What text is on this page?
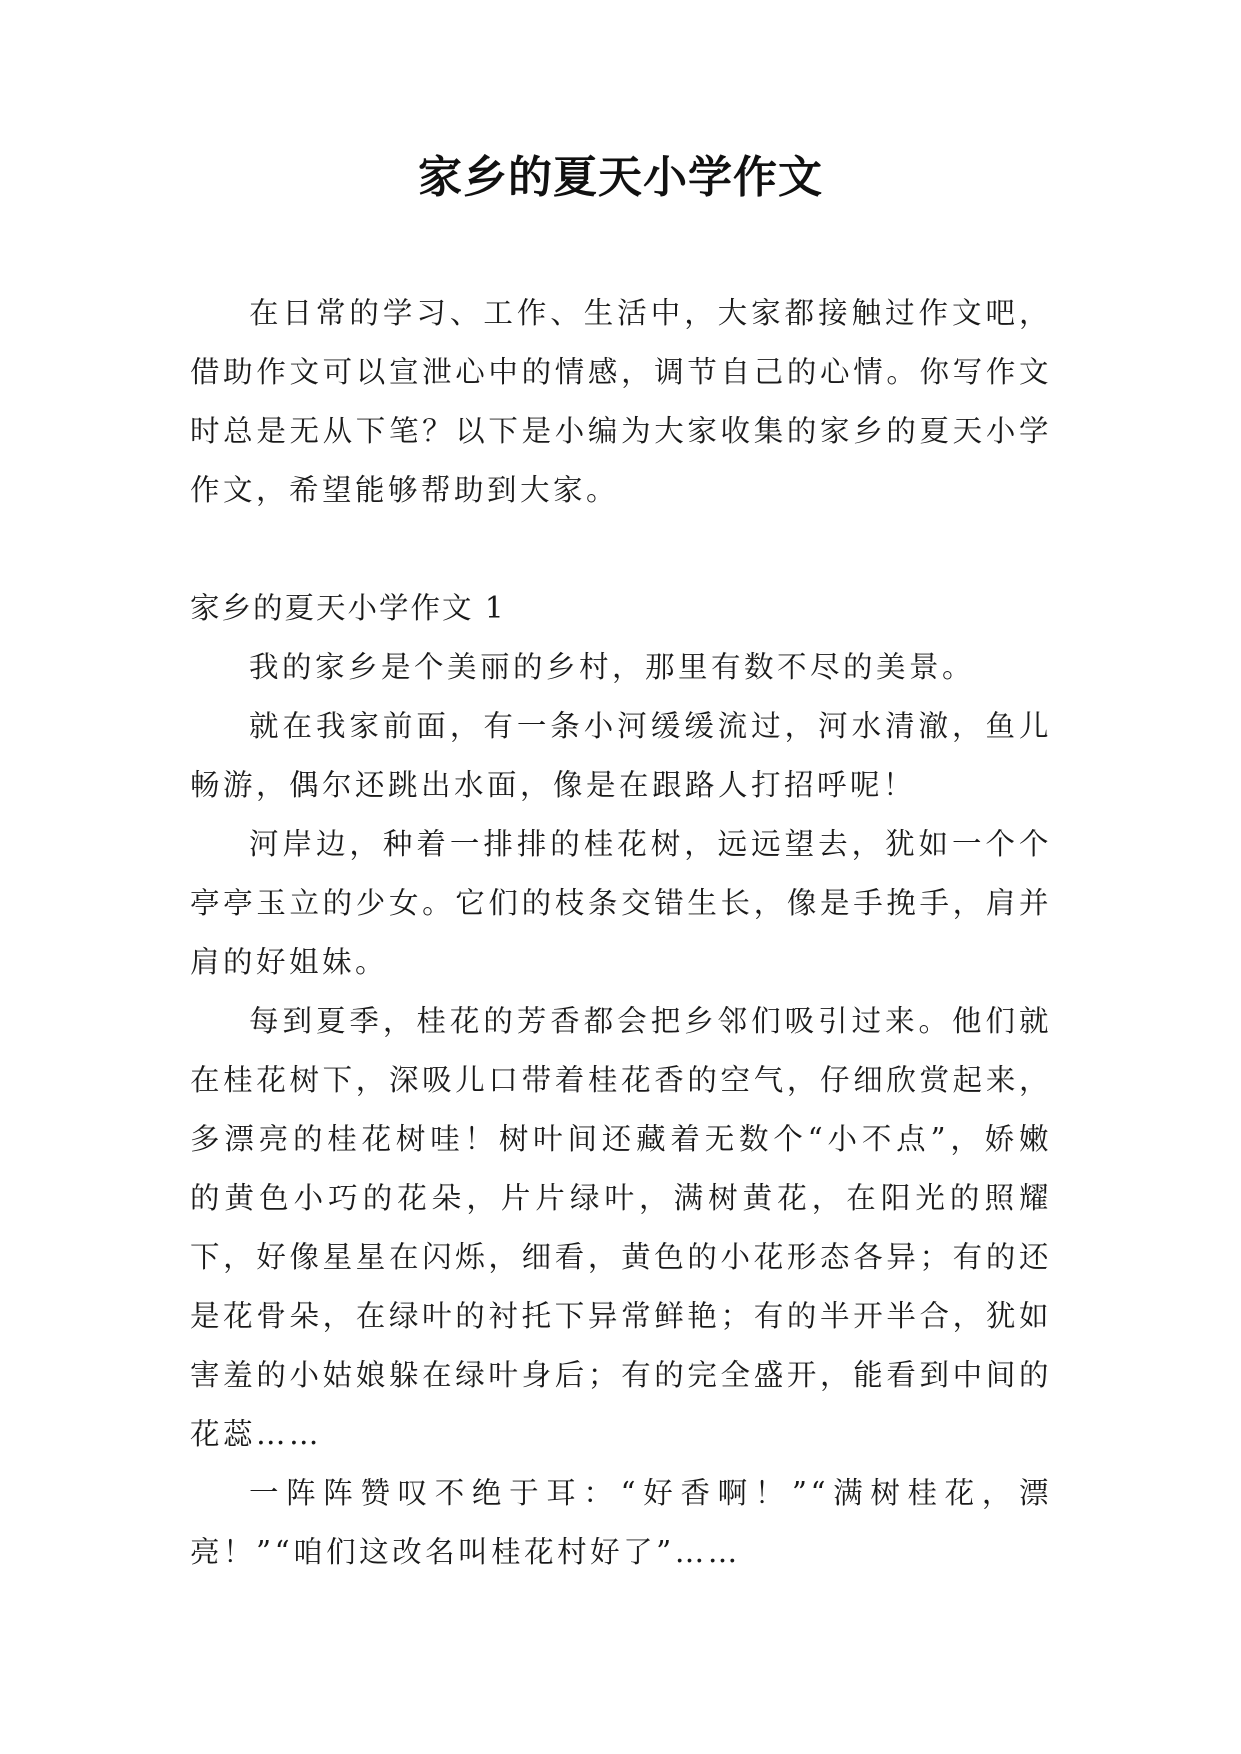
家乡的夏天小学作文

在日常的学习、工作、生活中，大家都接触过作文吧，借助作文可以宣泄心中的情感，调节自己的心情。你写作文时总是无从下笔？以下是小编为大家收集的家乡的夏天小学作文，希望能够帮助到大家。

家乡的夏天小学作文 1

我的家乡是个美丽的乡村，那里有数不尽的美景。

就在我家前面，有一条小河缓缓流过，河水清澈，鱼儿畅游，偶尔还跳出水面，像是在跟路人打招呼呢！

河岸边，种着一排排的桂花树，远远望去，犹如一个个亭亭玉立的少女。它们的枝条交错生长，像是手挽手，肩并肩的好姐妹。

每到夏季，桂花的芳香都会把乡邻们吸引过来。他们就在桂花树下，深吸儿口带着桂花香的空气，仔细欣赏起来，多漂亮的桂花树哇！树叶间还藏着无数个“小不点”，娇嫩的黄色小巧的花朵，片片绿叶，满树黄花，在阳光的照耀下，好像星星在闪烁，细看，黄色的小花形态各异；有的还是花骨朵，在绿叶的衬托下异常鲜艳；有的半开半合，犹如害羞的小姑娘躲在绿叶身后；有的完全盛开，能看到中间的花蕊……

一阵阵赞叹不绝于耳：“好香啊！”“满树桂花，漂亮！”“咱们这改名叫桂花村好了”……
